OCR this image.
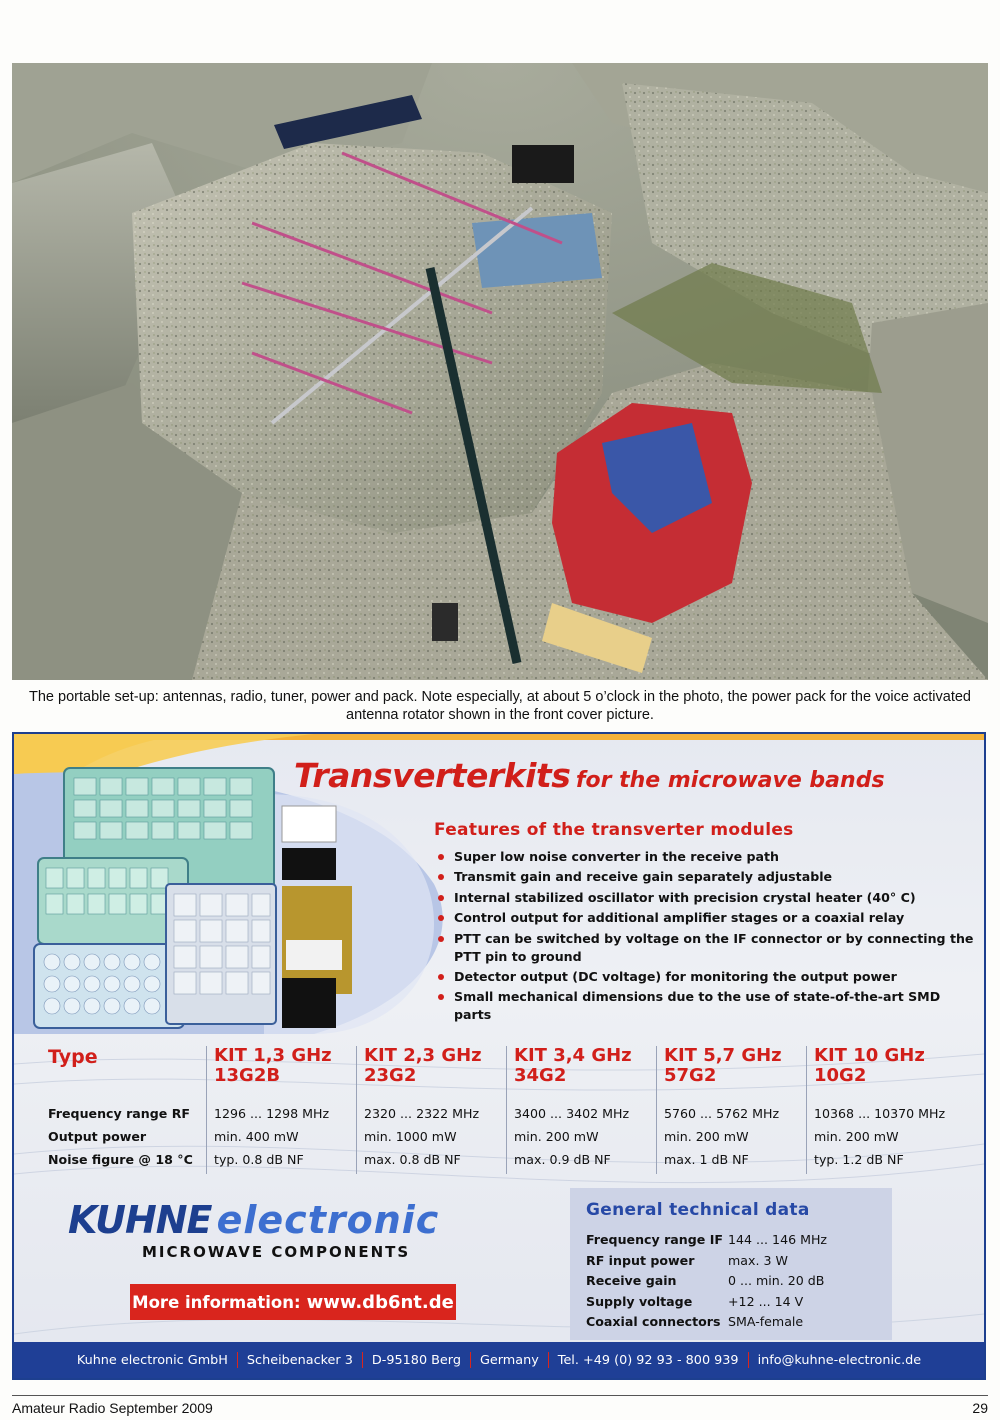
The portable set-up: antennas, radio, tuner, power and pack. Note especially, at about 5 o’clock in the photo, the power pack for the voice activated antenna rotator shown in the front cover picture.
Transverterkits for the microwave bands
Features of the transverter modules
Super low noise converter in the receive path
Transmit gain and receive gain separately adjustable
Internal stabilized oscillator with precision crystal heater (40° C)
Control output for additional amplifier stages or a coaxial relay
PTT can be switched by voltage on the IF connector or by connecting the PTT pin to ground
Detector output (DC voltage) for monitoring the output power
Small mechanical dimensions due to the use of state-of-the-art SMD parts
Type
Frequency range RF
Output power
Noise figure @ 18 °C
KIT 1,3 GHz
13G2B
1296 ... 1298 MHz
min. 400 mW
typ. 0.8 dB NF
KIT 2,3 GHz
23G2
2320 ... 2322 MHz
min. 1000 mW
max. 0.8 dB NF
KIT 3,4 GHz
34G2
3400 ... 3402 MHz
min. 200 mW
max. 0.9 dB NF
KIT 5,7 GHz
57G2
5760 ... 5762 MHz
min. 200 mW
max. 1 dB NF
KIT 10 GHz
10G2
10368 ... 10370 MHz
min. 200 mW
typ. 1.2 dB NF
KUHNE electronic
MICROWAVE COMPONENTS
More information: www.db6nt.de
General technical data
Frequency range IF
RF input power
Receive gain
Supply voltage
Coaxial connectors
144 ... 146 MHz
max. 3 W
0 ... min. 20 dB
+12 ... 14 V
SMA-female
Kuhne electronic GmbH Scheibenacker 3 D-95180 Berg Germany Tel. +49 (0) 92 93 - 800 939 info@kuhne-electronic.de
Amateur Radio September 2009	29
